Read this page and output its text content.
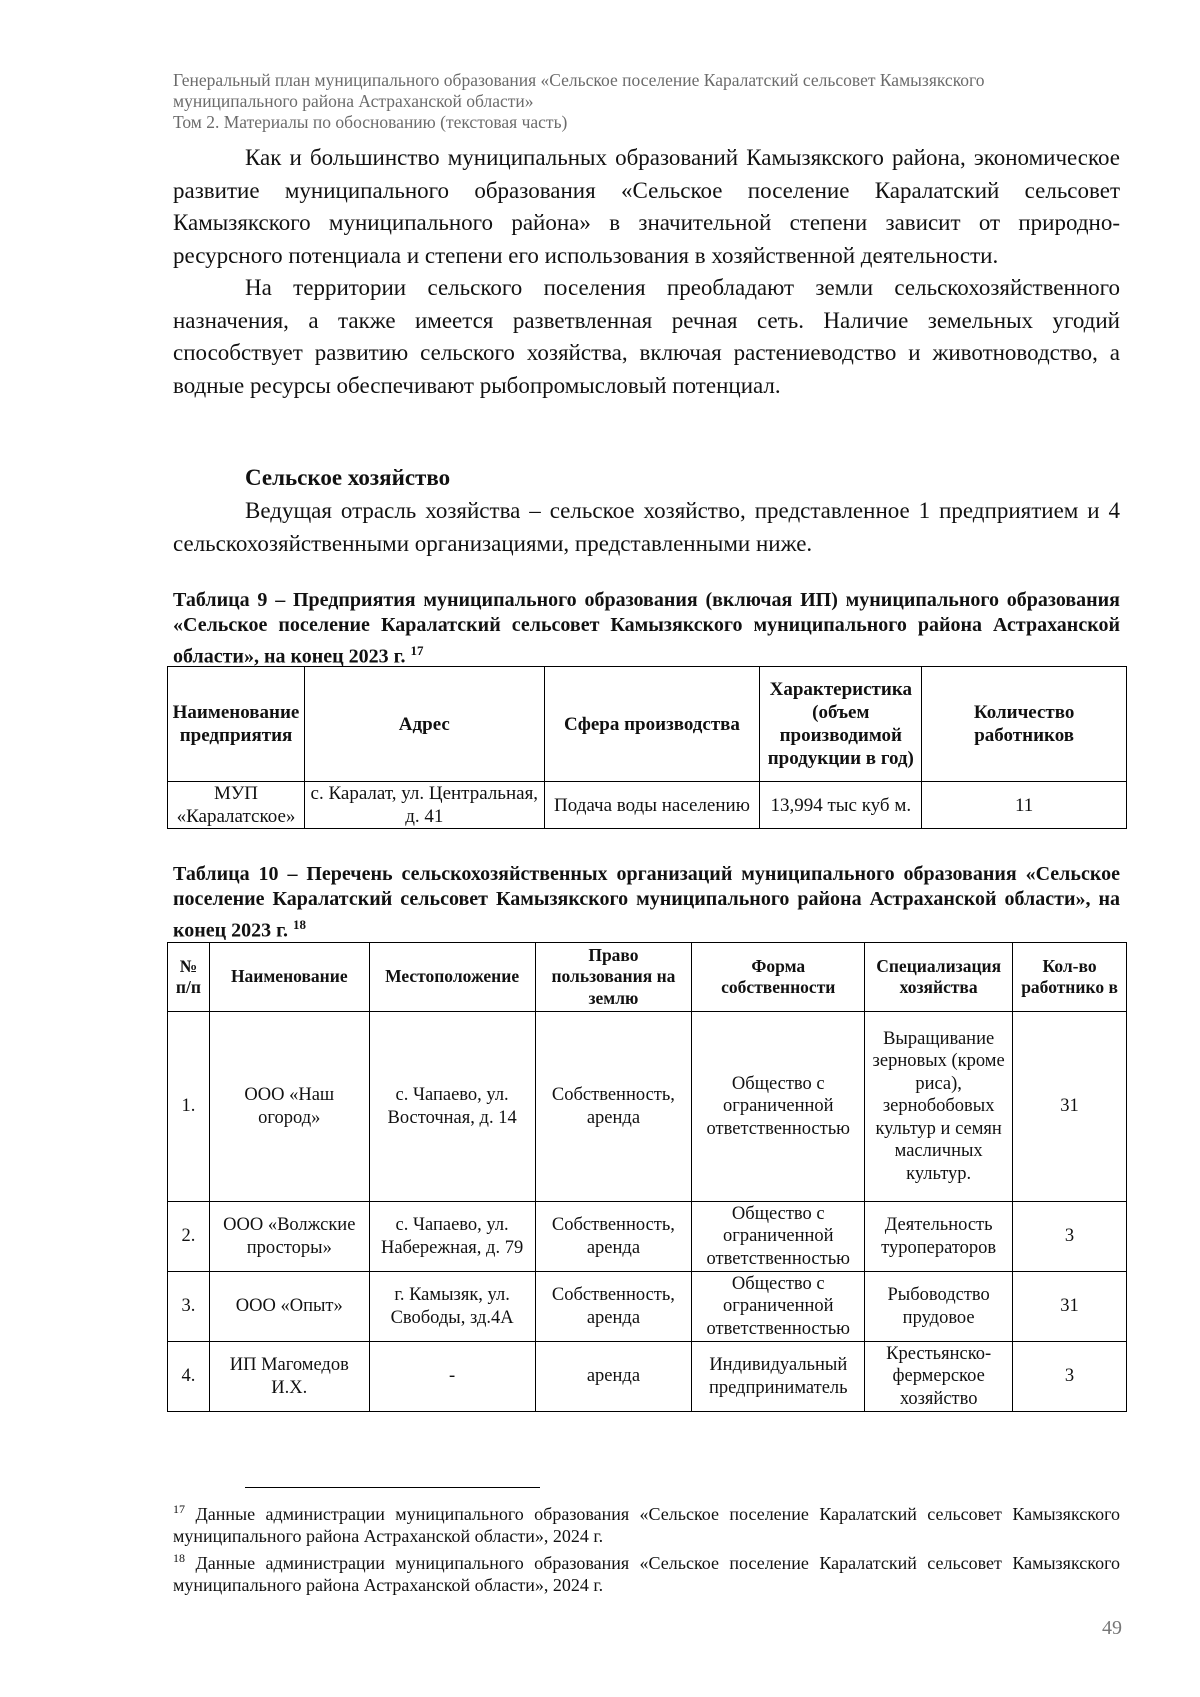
Генеральный план муниципального образования «Сельское поселение Каралатский сельсовет Камызякского
муниципального района Астраханской области»
Том 2. Материалы по обоснованию (текстовая часть)

Как и большинство муниципальных образований Камызякского района, экономическое развитие муниципального образования «Сельское поселение Каралатский сельсовет Камызякского муниципального района» в значительной степени зависит от природно-ресурсного потенциала и степени его использования в хозяйственной деятельности.

На территории сельского поселения преобладают земли сельскохозяйственного назначения, а также имеется разветвленная речная сеть. Наличие земельных угодий способствует развитию сельского хозяйства, включая растениеводство и животноводство, а водные ресурсы обеспечивают рыбопромысловый потенциал.

Сельское хозяйство

Ведущая отрасль хозяйства – сельское хозяйство, представленное 1 предприятием и 4 сельскохозяйственными организациями, представленными ниже.

Таблица 9 – Предприятия муниципального образования (включая ИП) муниципального образования «Сельское поселение Каралатский сельсовет Камызякского муниципального района Астраханской области», на конец 2023 г. $^{17}$
Наименование предприятия	Адрес	Сфера производства	Характеристика (объем производимой продукции в год)	Количество работников
МУП «Каралатское»	с. Каралат, ул. Центральная, д. 41	Подача воды населению	13,994 тыс куб м.	11
Таблица 10 – Перечень сельскохозяйственных организаций муниципального образования «Сельское поселение Каралатский сельсовет Камызякского муниципального района Астраханской области», на конец 2023 г. $^{18}$
№ п/п	Наименование	Местоположение	Право пользования на землю	Форма собственности	Специализация хозяйства	Кол-во работнико в
1.	ООО «Наш огород»	с. Чапаево, ул. Восточная, д. 14	Собственность, аренда	Общество с ограниченной ответственностью	Выращивание зерновых (кроме риса), зернобобовых культур и семян масличных культур.	31
2.	ООО «Волжские просторы»	с. Чапаево, ул. Набережная, д. 79	Собственность, аренда	Общество с ограниченной ответственностью	Деятельность туроператоров	3
3.	ООО «Опыт»	г. Камызяк, ул. Свободы, зд.4А	Собственность, аренда	Общество с ограниченной ответственностью	Рыбоводство прудовое	31
4.	ИП Магомедов И.Х.	-	аренда	Индивидуальный предприниматель	Крестьянско-фермерское хозяйство	3

$^{17}$ Данные администрации муниципального образования «Сельское поселение Каралатский сельсовет Камызякского муниципального района Астраханской области», 2024 г.

$^{18}$ Данные администрации муниципального образования «Сельское поселение Каралатский сельсовет Камызякского муниципального района Астраханской области», 2024 г.

49
